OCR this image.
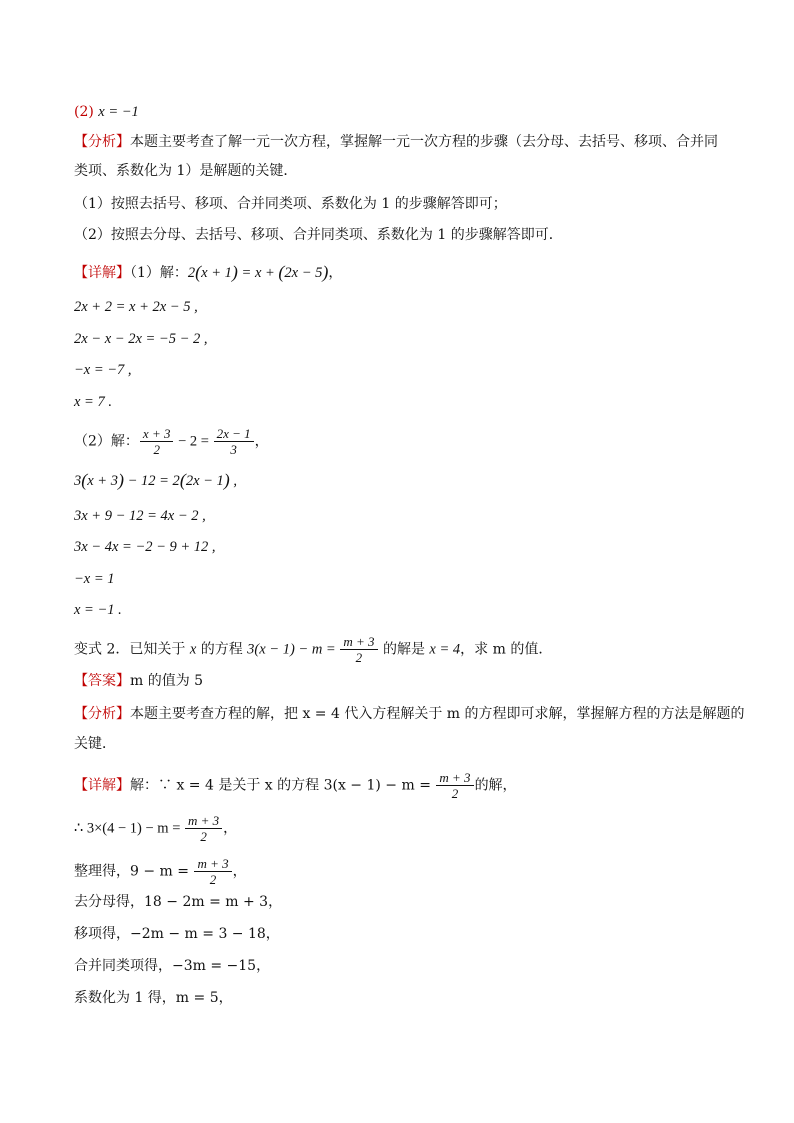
(2) x = −1
【分析】本题主要考查了解一元一次方程，掌握解一元一次方程的步骤（去分母、去括号、移项、合并同
类项、系数化为 1）是解题的关键．
（1）按照去括号、移项、合并同类项、系数化为 1 的步骤解答即可；
（2）按照去分母、去括号、移项、合并同类项、系数化为 1 的步骤解答即可．
【详解】（1）解：2(x + 1) = x + (2x − 5)，
2x + 2 = x + 2x − 5 ,
2x − x − 2x = −5 − 2 ,
−x = −7 ,
x = 7 .
（2）解： $\frac{x + 3}{2} - 2 = \frac{2x - 1}{3}$ ，
3(x + 3) − 12 = 2(2x − 1) ,
3x + 9 − 12 = 4x − 2 ,
3x − 4x = −2 − 9 + 12 ,
−x = 1
x = −1 .
变式 2．已知关于 x 的方程 $3(x - 1) - m = \frac{m + 3}{2}$ 的解是 x = 4，求 m 的值．
【答案】m 的值为 5
【分析】本题主要考查方程的解，把 x = 4 代入方程解关于 m 的方程即可求解，掌握解方程的方法是解题的
关键．
【详解】解：∵ x = 4 是关于 x 的方程 $3(x - 1) - m = \frac{m + 3}{2}$ 的解，
∴ $3\times(4 - 1) - m = \frac{m + 3}{2}$ ，
整理得，$9 - m = \frac{m + 3}{2}$ ，
去分母得，18 − 2m = m + 3，
移项得，−2m − m = 3 − 18，
合并同类项得，−3m = −15，
系数化为 1 得，m = 5，
